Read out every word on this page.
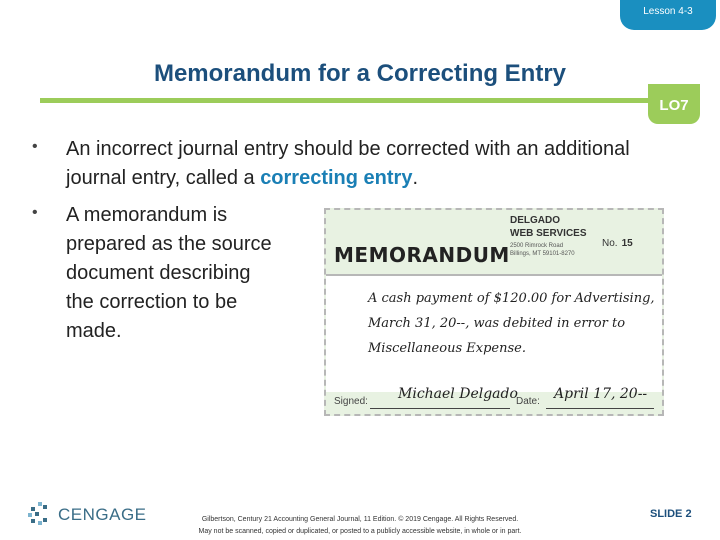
Lesson 4-3
Memorandum for a Correcting Entry
LO7
• An incorrect journal entry should be corrected with an additional journal entry, called a correcting entry.
• A memorandum is prepared as the source document describing the correction to be made.
MEMORANDUM
DELGADO
WEB SERVICES
2500 Rimrock Road
Billings, MT 59101-8270
No. 15
A cash payment of $120.00 for Advertising,
March 31, 20--, was debited in error to
Miscellaneous Expense.
Signed: Michael Delgado
Date: April 17, 20--
CENGAGE	Gilbertson, Century 21 Accounting General Journal, 11 Edition. © 2019 Cengage. All Rights Reserved.
May not be scanned, copied or duplicated, or posted to a publicly accessible website, in whole or in part.
SLIDE 2
